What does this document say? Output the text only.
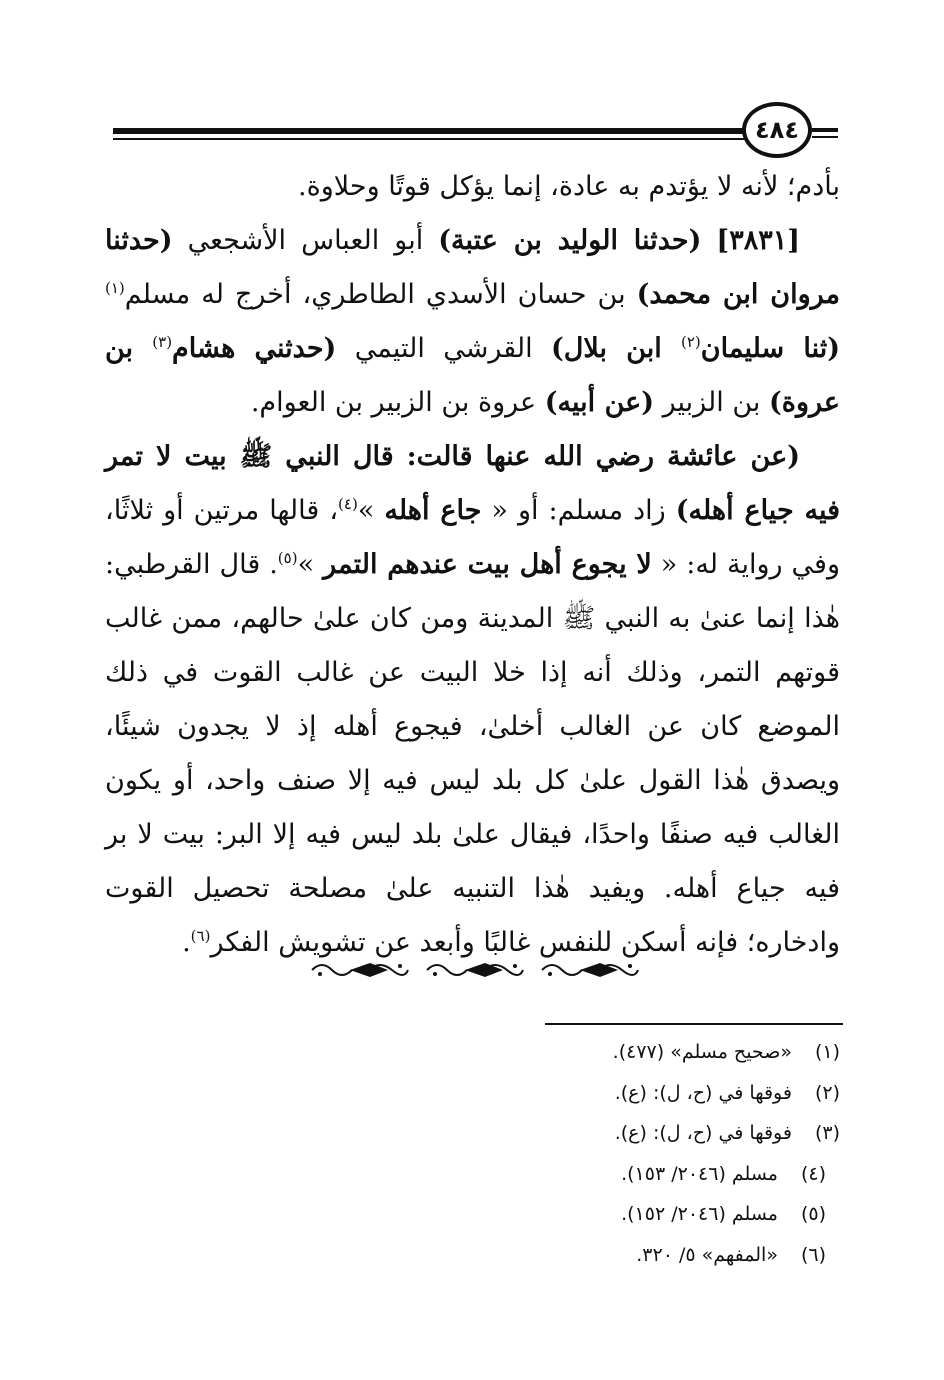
٤٨٤

بأدم؛ لأنه لا يؤتدم به عادة، إنما يؤكل قوتًا وحلاوة.

[٣٨٣١] (حدثنا الوليد بن عتبة) أبو العباس الأشجعي (حدثنا مروان ابن محمد) بن حسان الأسدي الطاطري، أخرج له مسلم$^{(١)}$ (ثنا سليمان$^{(٢)}$ ابن بلال) القرشي التيمي (حدثني هشام$^{(٣)}$ بن عروة) بن الزبير (عن أبيه) عروة بن الزبير بن العوام.

(عن عائشة رضي الله عنها قالت: قال النبي ﷺ بيت لا تمر فيه جياع أهله) زاد مسلم: أو « جاع أهله »$^{(٤)}$، قالها مرتين أو ثلاثًا، وفي رواية له: « لا يجوع أهل بيت عندهم التمر »$^{(٥)}$. قال القرطبي: هٰذا إنما عنىٰ به النبي ﷺ المدينة ومن كان علىٰ حالهم، ممن غالب قوتهم التمر، وذلك أنه إذا خلا البيت عن غالب القوت في ذلك الموضع كان عن الغالب أخلىٰ، فيجوع أهله إذ لا يجدون شيئًا، ويصدق هٰذا القول علىٰ كل بلد ليس فيه إلا صنف واحد، أو يكون الغالب فيه صنفًا واحدًا، فيقال علىٰ بلد ليس فيه إلا البر: بيت لا بر فيه جياع أهله. ويفيد هٰذا التنبيه علىٰ مصلحة تحصيل القوت وادخاره؛ فإنه أسكن للنفس غالبًا وأبعد عن تشويش الفكر$^{(٦)}$.

(١) «صحيح مسلم» (٤٧٧).
(٢) فوقها في (ح، ل): (ع).
(٣) فوقها في (ح، ل): (ع).
(٤) مسلم (٢٠٤٦/ ١٥٣).
(٥) مسلم (٢٠٤٦/ ١٥٢).
(٦) «المفهم» ٥/ ٣٢٠.
